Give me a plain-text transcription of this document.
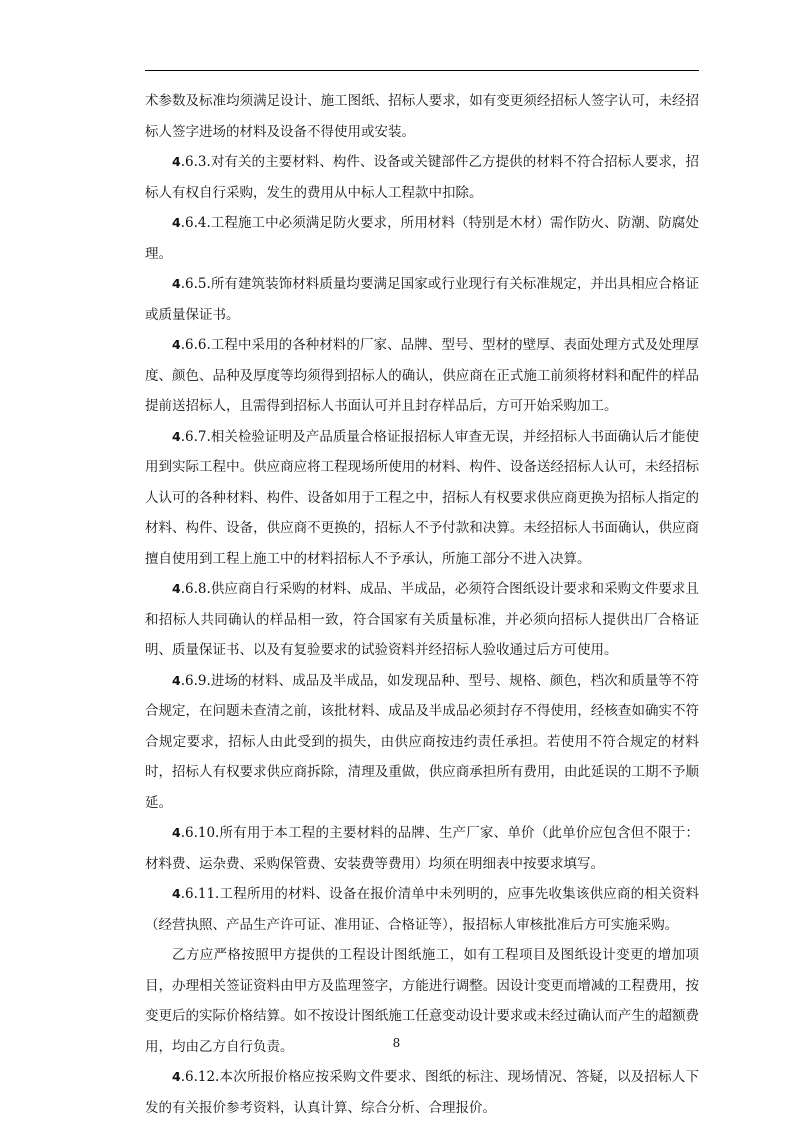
术参数及标准均须满足设计、施工图纸、招标人要求，如有变更须经招标人签字认可，未经招标人签字进场的材料及设备不得使用或安装。

4.6.3.对有关的主要材料、构件、设备或关键部件乙方提供的材料不符合招标人要求，招标人有权自行采购，发生的费用从中标人工程款中扣除。

4.6.4.工程施工中必须满足防火要求，所用材料（特别是木材）需作防火、防潮、防腐处理。

4.6.5.所有建筑装饰材料质量均要满足国家或行业现行有关标准规定，并出具相应合格证或质量保证书。

4.6.6.工程中采用的各种材料的厂家、品牌、型号、型材的壁厚、表面处理方式及处理厚度、颜色、品种及厚度等均须得到招标人的确认，供应商在正式施工前须将材料和配件的样品提前送招标人，且需得到招标人书面认可并且封存样品后，方可开始采购加工。

4.6.7.相关检验证明及产品质量合格证报招标人审查无误，并经招标人书面确认后才能使用到实际工程中。供应商应将工程现场所使用的材料、构件、设备送经招标人认可，未经招标人认可的各种材料、构件、设备如用于工程之中，招标人有权要求供应商更换为招标人指定的材料、构件、设备，供应商不更换的，招标人不予付款和决算。未经招标人书面确认，供应商擅自使用到工程上施工中的材料招标人不予承认，所施工部分不进入决算。

4.6.8.供应商自行采购的材料、成品、半成品，必须符合图纸设计要求和采购文件要求且和招标人共同确认的样品相一致，符合国家有关质量标准，并必须向招标人提供出厂合格证明、质量保证书、以及有复验要求的试验资料并经招标人验收通过后方可使用。

4.6.9.进场的材料、成品及半成品，如发现品种、型号、规格、颜色，档次和质量等不符合规定，在问题未查清之前，该批材料、成品及半成品必须封存不得使用，经核查如确实不符合规定要求，招标人由此受到的损失，由供应商按违约责任承担。若使用不符合规定的材料时，招标人有权要求供应商拆除，清理及重做，供应商承担所有费用，由此延误的工期不予顺延。

4.6.10.所有用于本工程的主要材料的品牌、生产厂家、单价（此单价应包含但不限于：材料费、运杂费、采购保管费、安装费等费用）均须在明细表中按要求填写。

4.6.11.工程所用的材料、设备在报价清单中未列明的，应事先收集该供应商的相关资料（经营执照、产品生产许可证、准用证、合格证等），报招标人审核批准后方可实施采购。

乙方应严格按照甲方提供的工程设计图纸施工，如有工程项目及图纸设计变更的增加项目，办理相关签证资料由甲方及监理签字，方能进行调整。因设计变更而增减的工程费用，按变更后的实际价格结算。如不按设计图纸施工任意变动设计要求或未经过确认而产生的超额费用，均由乙方自行负责。

4.6.12.本次所报价格应按采购文件要求、图纸的标注、现场情况、答疑，以及招标人下发的有关报价参考资料，认真计算、综合分析、合理报价。

8
